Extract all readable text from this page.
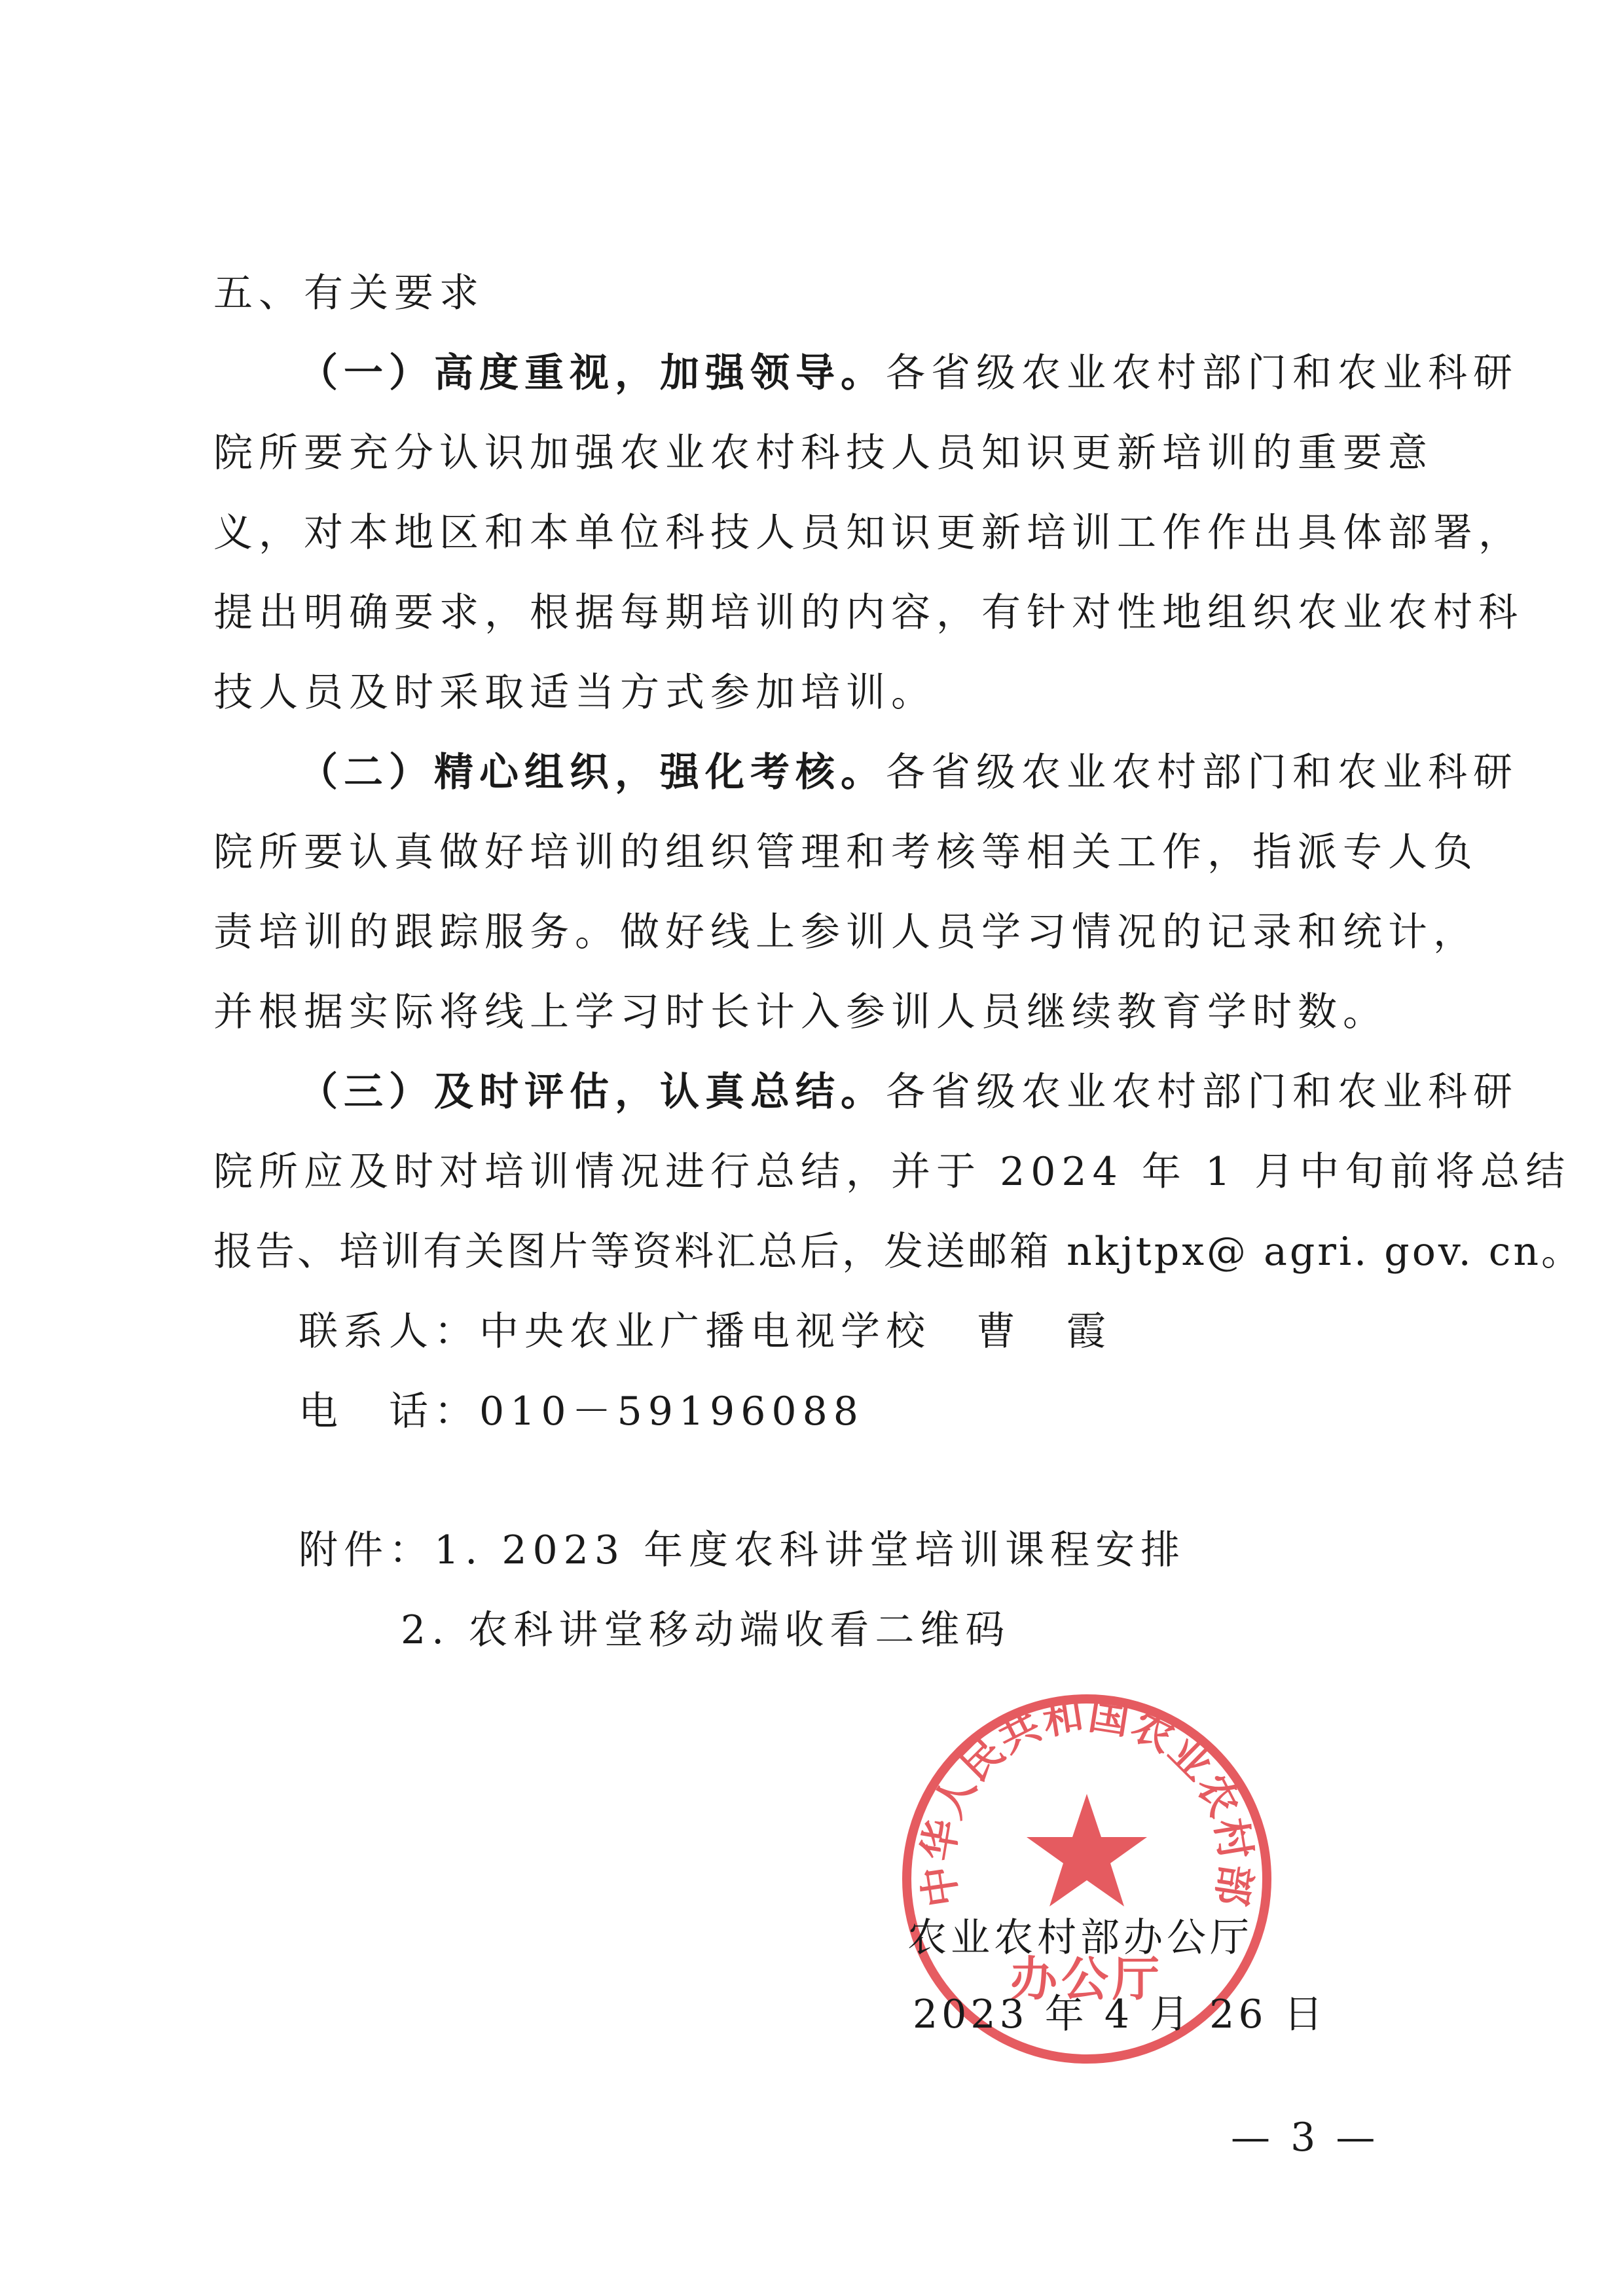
五、有关要求
（一）高度重视，加强领导。各省级农业农村部门和农业科研
院所要充分认识加强农业农村科技人员知识更新培训的重要意
义，对本地区和本单位科技人员知识更新培训工作作出具体部署，
提出明确要求，根据每期培训的内容，有针对性地组织农业农村科
技人员及时采取适当方式参加培训。
（二）精心组织，强化考核。各省级农业农村部门和农业科研
院所要认真做好培训的组织管理和考核等相关工作，指派专人负
责培训的跟踪服务。做好线上参训人员学习情况的记录和统计，
并根据实际将线上学习时长计入参训人员继续教育学时数。
（三）及时评估，认真总结。各省级农业农村部门和农业科研
院所应及时对培训情况进行总结，并于 2024 年 1 月中旬前将总结
报告、培训有关图片等资料汇总后，发送邮箱 nkjtpx@ agri. gov. cn。
联系人：中央农业广播电视学校　曹　霞
电　话：010－59196088
附件：1. 2023 年度农科讲堂培训课程安排
2. 农科讲堂移动端收看二维码
中华人民共和国农业农村部
办公厅
农业农村部办公厅
2023 年 4 月 26 日
— 3 —
